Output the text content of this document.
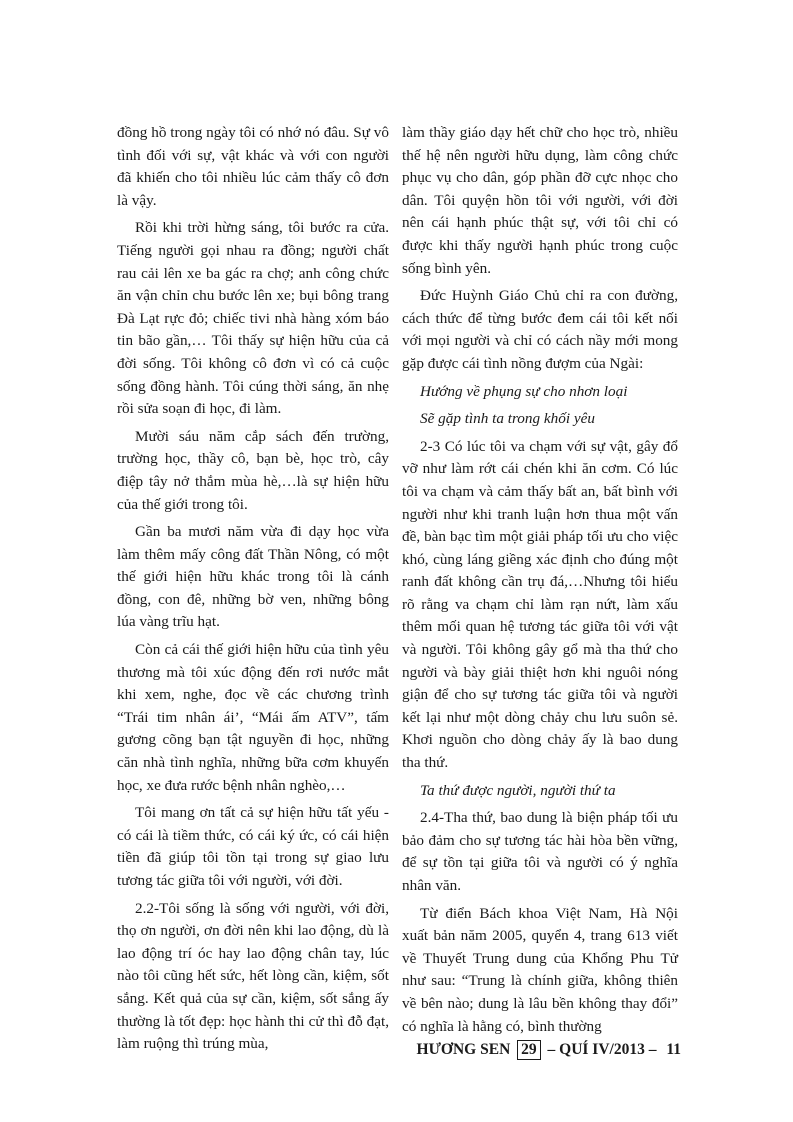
đồng hồ trong ngày tôi có nhớ nó đâu. Sự vô tình đối với sự, vật khác và với con người đã khiến cho tôi nhiều lúc cảm thấy cô đơn là vậy.

Rồi khi trời hừng sáng, tôi bước ra cửa. Tiếng người gọi nhau ra đồng; người chất rau cải lên xe ba gác ra chợ; anh công chức ăn vận chỉn chu bước lên xe; bụi bông trang Đà Lạt rực đỏ; chiếc tivi nhà hàng xóm báo tin bão gần,… Tôi thấy sự hiện hữu của cả đời sống. Tôi không cô đơn vì có cả cuộc sống đồng hành. Tôi cúng thời sáng, ăn nhẹ rồi sửa soạn đi học, đi làm.

Mười sáu năm cắp sách đến trường, trường học, thầy cô, bạn bè, học trò, cây điệp tây nở thắm mùa hè,…là sự hiện hữu của thế giới trong tôi.

Gần ba mươi năm vừa đi dạy học vừa làm thêm mấy công đất Thần Nông, có một thế giới hiện hữu khác trong tôi là cánh đồng, con đê, những bờ ven, những bông lúa vàng trĩu hạt.

Còn cả cái thế giới hiện hữu của tình yêu thương mà tôi xúc động đến rơi nước mắt khi xem, nghe, đọc về các chương trình “Trái tim nhân ái’, “Mái ấm ATV”, tấm gương cõng bạn tật nguyền đi học, những căn nhà tình nghĩa, những bữa cơm khuyến học, xe đưa rước bệnh nhân nghèo,…

Tôi mang ơn tất cả sự hiện hữu tất yếu - có cái là tiềm thức, có cái ký ức, có cái hiện tiền đã giúp tôi tồn tại trong sự giao lưu tương tác giữa tôi với người, với đời.

2.2-Tôi sống là sống với người, với đời, thọ ơn người, ơn đời nên khi lao động, dù là lao động trí óc hay lao động chân tay, lúc nào tôi cũng hết sức, hết lòng cần, kiệm, sốt sắng. Kết quả của sự cần, kiệm, sốt sắng ấy thường là tốt đẹp: học hành thi cử thì đỗ đạt, làm ruộng thì trúng mùa,

làm thầy giáo dạy hết chữ cho học trò, nhiều thế hệ nên người hữu dụng, làm công chức phục vụ cho dân, góp phần đỡ cực nhọc cho dân. Tôi quyện hồn tôi với người, với đời nên cái hạnh phúc thật sự, với tôi chỉ có được khi thấy người hạnh phúc trong cuộc sống bình yên.

Đức Huỳnh Giáo Chủ chỉ ra con đường, cách thức để từng bước đem cái tôi kết nối với mọi người và chỉ có cách nầy mới mong gặp được cái tình nồng đượm của Ngài:

Hướng về phụng sự cho nhơn loại

Sẽ gặp tình ta trong khối yêu

2-3 Có lúc tôi va chạm với sự vật, gây đổ vỡ như làm rớt cái chén khi ăn cơm. Có lúc tôi va chạm và cảm thấy bất an, bất bình với người như khi tranh luận hơn thua một vấn đề, bàn bạc tìm một giải pháp tối ưu cho việc khó, cùng láng giềng xác định cho đúng một ranh đất không cần trụ đá,…Nhưng tôi hiểu rõ rằng va chạm chỉ làm rạn nứt, làm xấu thêm mối quan hệ tương tác giữa tôi với vật và người. Tôi không gây gổ mà tha thứ cho người và bày giải thiệt hơn khi nguôi nóng giận để cho sự tương tác giữa tôi và người kết lại như một dòng chảy chu lưu suôn sẻ. Khơi nguồn cho dòng chảy ấy là bao dung tha thứ.

Ta thứ được người, người thứ ta

2.4-Tha thứ, bao dung là biện pháp tối ưu bảo đảm cho sự tương tác hài hòa bền vững, để sự tồn tại giữa tôi và người có ý nghĩa nhân văn.

Từ điển Bách khoa Việt Nam, Hà Nội xuất bản năm 2005, quyển 4, trang 613 viết về Thuyết Trung dung của Khổng Phu Tử như sau: “Trung là chính giữa, không thiên về bên nào; dung là lâu bền không thay đổi” có nghĩa là hằng có, bình thường

HƯƠNG SEN 29 – QUÍ IV/2013 – 11
